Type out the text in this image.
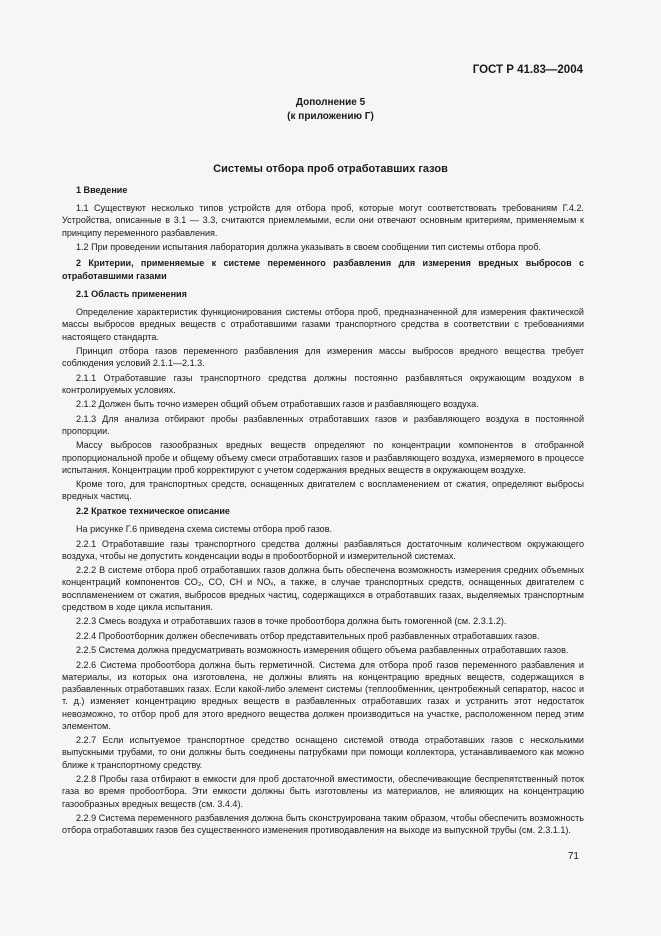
ГОСТ Р 41.83—2004
Дополнение 5
(к приложению Г)
Системы отбора проб отработавших газов

1 Введение

1.1 Существуют несколько типов устройств для отбора проб, которые могут соответствовать требованиям Г.4.2. Устройства, описанные в 3.1 — 3.3, считаются приемлемыми, если они отвечают основным критериям, применяемым к принципу переменного разбавления.

1.2 При проведении испытания лаборатория должна указывать в своем сообщении тип системы отбора проб.

2 Критерии, применяемые к системе переменного разбавления для измерения вредных выбросов с отработавшими газами

2.1 Область применения

Определение характеристик функционирования системы отбора проб, предназначенной для измерения фактической массы выбросов вредных веществ с отработавшими газами транспортного средства в соответствии с требованиями настоящего стандарта.

Принцип отбора газов переменного разбавления для измерения массы выбросов вредного вещества требует соблюдения условий 2.1.1—2.1.3.

2.1.1 Отработавшие газы транспортного средства должны постоянно разбавляться окружающим воздухом в контролируемых условиях.

2.1.2 Должен быть точно измерен общий объем отработавших газов и разбавляющего воздуха.

2.1.3 Для анализа отбирают пробы разбавленных отработавших газов и разбавляющего воздуха в постоянной пропорции.

Массу выбросов газообразных вредных веществ определяют по концентрации компонентов в отобранной пропорциональной пробе и общему объему смеси отработавших газов и разбавляющего воздуха, измеряемого в процессе испытания. Концентрации проб корректируют с учетом содержания вредных веществ в окружающем воздухе.

Кроме того, для транспортных средств, оснащенных двигателем с воспламенением от сжатия, определяют выбросы вредных частиц.

2.2 Краткое техническое описание

На рисунке Г.6 приведена схема системы отбора проб газов.

2.2.1 Отработавшие газы транспортного средства должны разбавляться достаточным количеством окружающего воздуха, чтобы не допустить конденсации воды в пробоотборной и измерительной системах.

2.2.2 В системе отбора проб отработавших газов должна быть обеспечена возможность измерения средних объемных концентраций компонентов CO₂, CO, CH и NOₓ, а также, в случае транспортных средств, оснащенных двигателем с воспламенением от сжатия, выбросов вредных частиц, содержащихся в отработавших газах, выделяемых транспортным средством в ходе цикла испытания.

2.2.3 Смесь воздуха и отработавших газов в точке пробоотбора должна быть гомогенной (см. 2.3.1.2).

2.2.4 Пробоотборник должен обеспечивать отбор представительных проб разбавленных отработавших газов.

2.2.5 Система должна предусматривать возможность измерения общего объема разбавленных отработавших газов.

2.2.6 Система пробоотбора должна быть герметичной. Система для отбора проб газов переменного разбавления и материалы, из которых она изготовлена, не должны влиять на концентрацию вредных веществ, содержащихся в разбавленных отработавших газах. Если какой-либо элемент системы (теплообменник, центробежный сепаратор, насос и т. д.) изменяет концентрацию вредных веществ в разбавленных отработавших газах и устранить этот недостаток невозможно, то отбор проб для этого вредного вещества должен производиться на участке, расположенном перед этим элементом.

2.2.7 Если испытуемое транспортное средство оснащено системой отвода отработавших газов с несколькими выпускными трубами, то они должны быть соединены патрубками при помощи коллектора, устанавливаемого как можно ближе к транспортному средству.

2.2.8 Пробы газа отбирают в емкости для проб достаточной вместимости, обеспечивающие беспрепятственный поток газа во время пробоотбора. Эти емкости должны быть изготовлены из материалов, не влияющих на концентрацию газообразных вредных веществ (см. 3.4.4).

2.2.9 Система переменного разбавления должна быть сконструирована таким образом, чтобы обеспечить возможность отбора отработавших газов без существенного изменения противодавления на выходе из выпускной трубы (см. 2.3.1.1).

71
